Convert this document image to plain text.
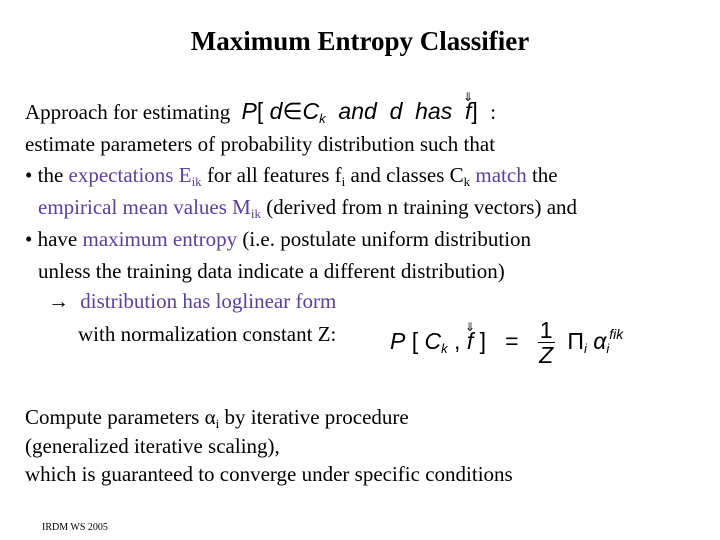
Maximum Entropy Classifier
Approach for estimating P[ $d\in C_k$ and d has
⇓
f] :
estimate parameters of probability distribution such that
• the expectations $E_{ik}$ for all features $f_i$ and classes $C_k$ match the
empirical mean values $M_{ik}$ (derived from n training vectors) and
• have maximum entropy (i.e. postulate uniform distribution
unless the training data indicate a different distribution)
→ distribution has loglinear form
with normalization constant Z: P [ $C_k$ ,
⇓
f ] = $\frac{1}{Z} \Pi_i$ $\alpha_i^{fik}$
Compute parameters $\alpha_i$ by iterative procedure
(generalized iterative scaling),
which is guaranteed to converge under specific conditions
IRDM WS 2005
